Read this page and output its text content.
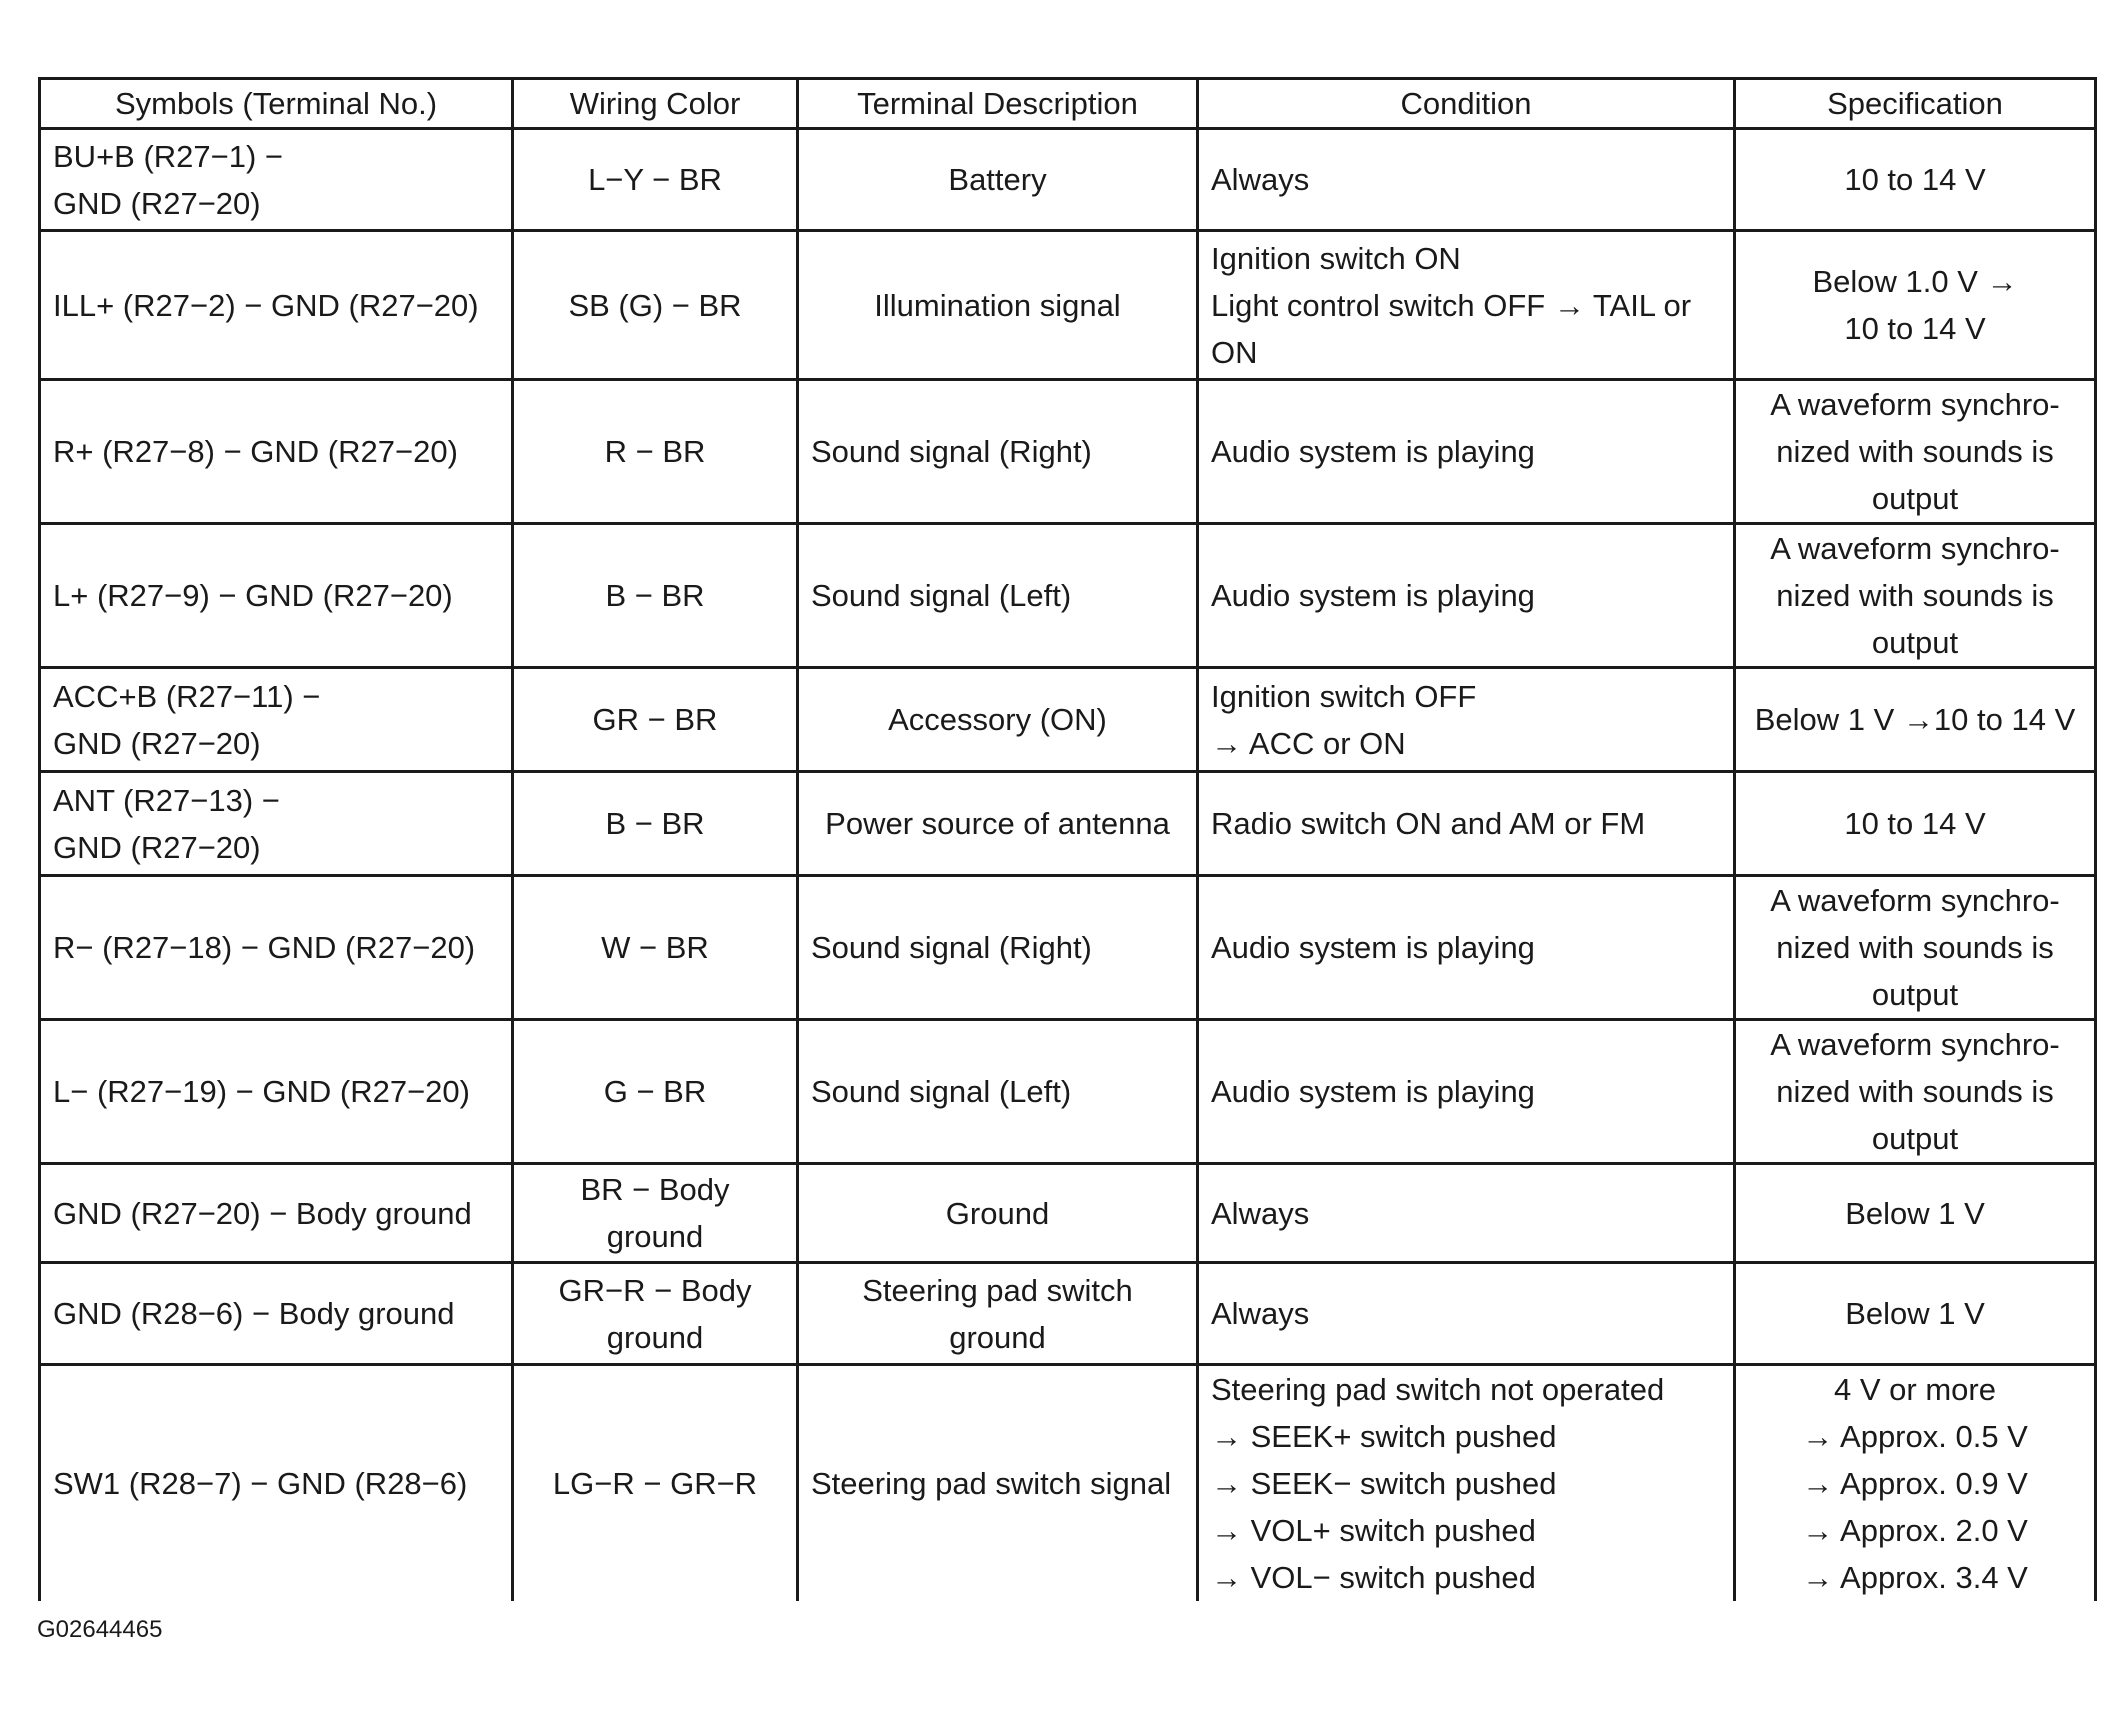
Symbols (Terminal No.)	Wiring Color	Terminal Description	Condition	Specification

BU+B (R27−1) −
GND (R27−20)	L−Y − BR	Battery	Always	10 to 14 V

ILL+ (R27−2) − GND (R27−20)	SB (G) − BR	Illumination signal	Ignition switch ON
Light control switch OFF → TAIL or
ON	Below 1.0 V →
10 to 14 V

R+ (R27−8) − GND (R27−20)	R − BR	Sound signal (Right)	Audio system is playing	A waveform synchro-
nized with sounds is
output

L+ (R27−9) − GND (R27−20)	B − BR	Sound signal (Left)	Audio system is playing	A waveform synchro-
nized with sounds is
output

ACC+B (R27−11) −
GND (R27−20)	GR − BR	Accessory (ON)	Ignition switch OFF
→ ACC or ON	Below 1 V →10 to 14 V

ANT (R27−13) −
GND (R27−20)	B − BR	Power source of antenna	Radio switch ON and AM or FM	10 to 14 V

R− (R27−18) − GND (R27−20)	W − BR	Sound signal (Right)	Audio system is playing	A waveform synchro-
nized with sounds is
output

L− (R27−19) − GND (R27−20)	G − BR	Sound signal (Left)	Audio system is playing	A waveform synchro-
nized with sounds is
output

GND (R27−20) − Body ground	BR − Body
ground	Ground	Always	Below 1 V

GND (R28−6) − Body ground	GR−R − Body
ground	Steering pad switch
ground	Always	Below 1 V

SW1 (R28−7) − GND (R28−6)	LG−R − GR−R	Steering pad switch signal	Steering pad switch not operated
→ SEEK+ switch pushed
→ SEEK− switch pushed
→ VOL+ switch pushed
→ VOL− switch pushed	4 V or more
→ Approx. 0.5 V
→ Approx. 0.9 V
→ Approx. 2.0 V
→ Approx. 3.4 V
G02644465
